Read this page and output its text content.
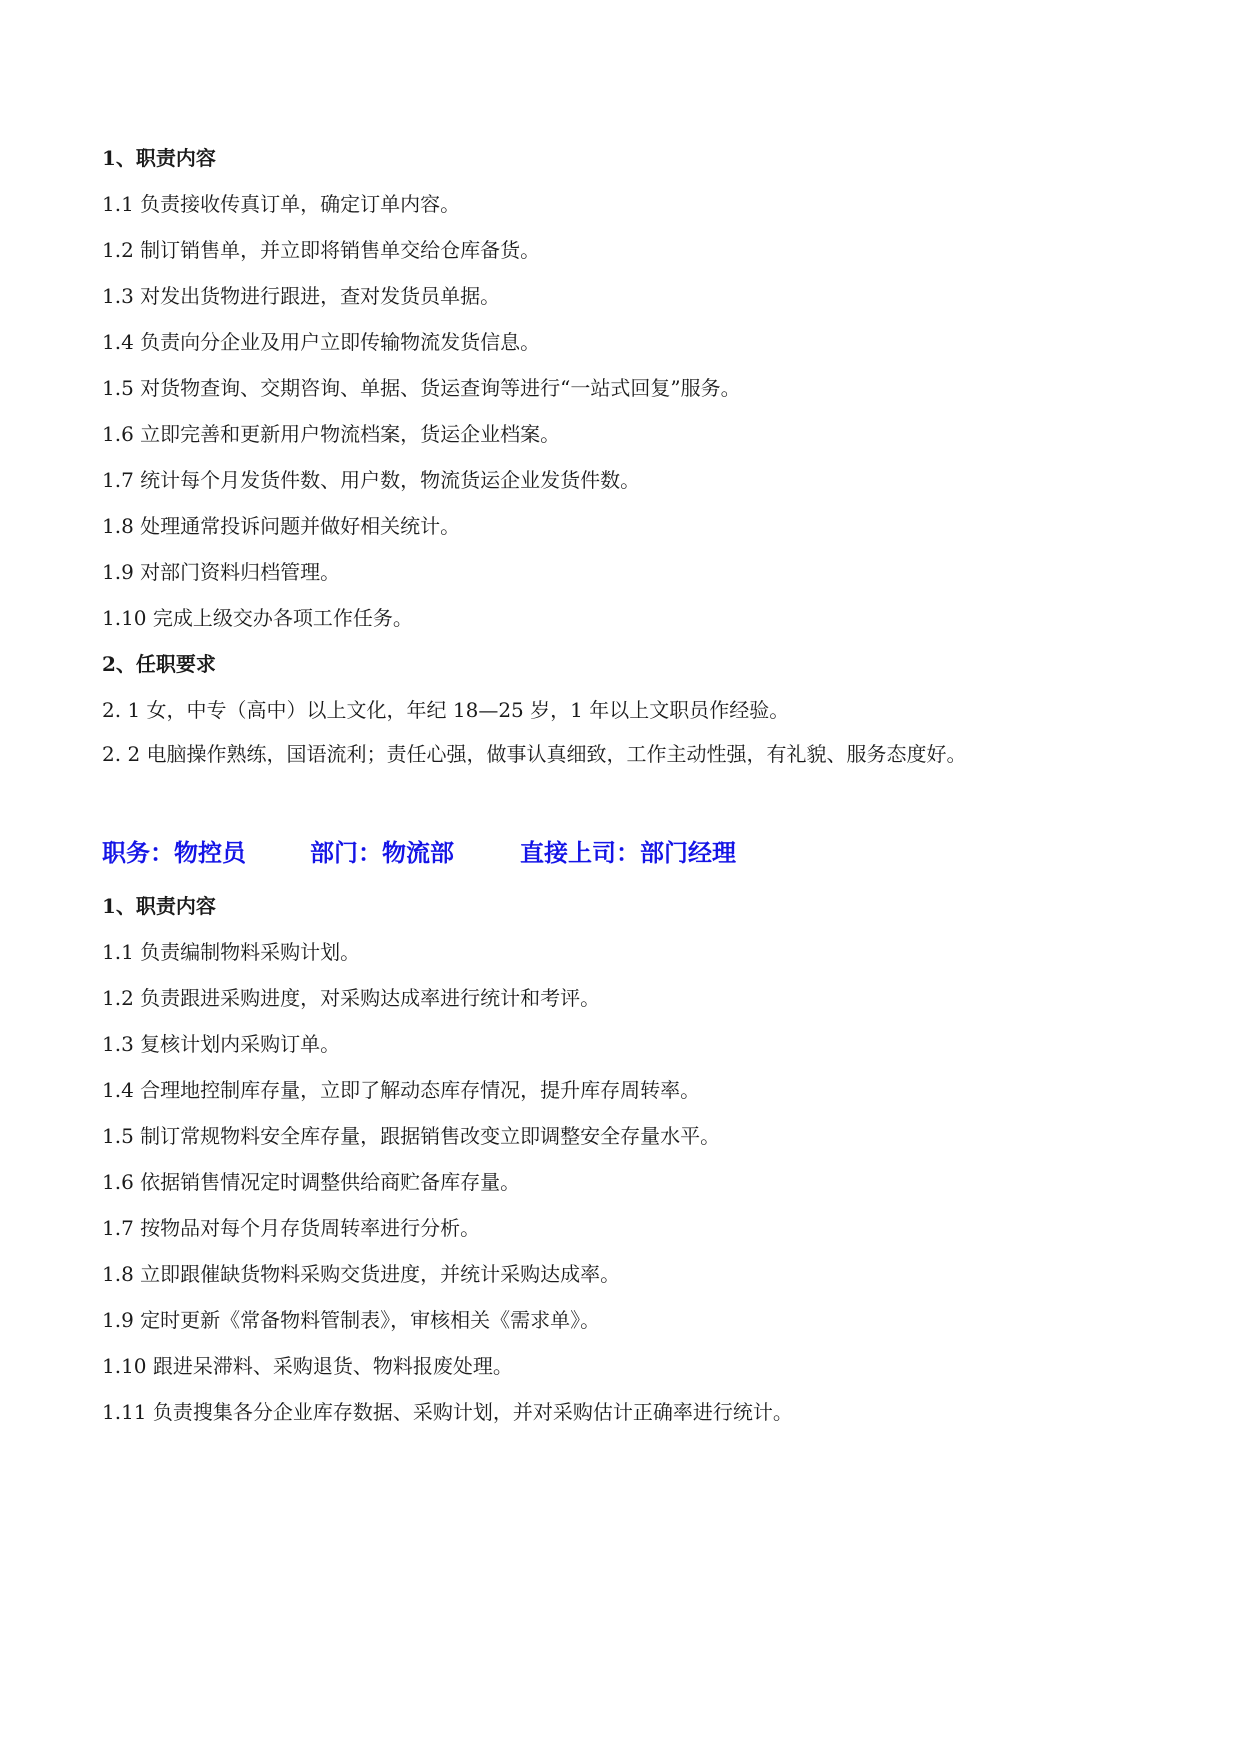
1、职责内容
1.1 负责接收传真订单，确定订单内容。
1.2 制订销售单，并立即将销售单交给仓库备货。
1.3 对发出货物进行跟进，查对发货员单据。
1.4 负责向分企业及用户立即传输物流发货信息。
1.5 对货物查询、交期咨询、单据、货运查询等进行“一站式回复”服务。
1.6 立即完善和更新用户物流档案，货运企业档案。
1.7 统计每个月发货件数、用户数，物流货运企业发货件数。
1.8 处理通常投诉问题并做好相关统计。
1.9 对部门资料归档管理。
1.10 完成上级交办各项工作任务。
2、任职要求
2. 1 女，中专（高中）以上文化，年纪 18—25 岁，1 年以上文职员作经验。
2. 2 电脑操作熟练，国语流利；责任心强，做事认真细致，工作主动性强，有礼貌、服务态度好。
职务：物控员	部门：物流部	直接上司：部门经理
1、职责内容
1.1 负责编制物料采购计划。
1.2 负责跟进采购进度，对采购达成率进行统计和考评。
1.3 复核计划内采购订单。
1.4 合理地控制库存量，立即了解动态库存情况，提升库存周转率。
1.5 制订常规物料安全库存量，跟据销售改变立即调整安全存量水平。
1.6 依据销售情况定时调整供给商贮备库存量。
1.7 按物品对每个月存货周转率进行分析。
1.8 立即跟催缺货物料采购交货进度，并统计采购达成率。
1.9 定时更新《常备物料管制表》，审核相关《需求单》。
1.10 跟进呆滞料、采购退货、物料报废处理。
1.11 负责搜集各分企业库存数据、采购计划，并对采购估计正确率进行统计。
